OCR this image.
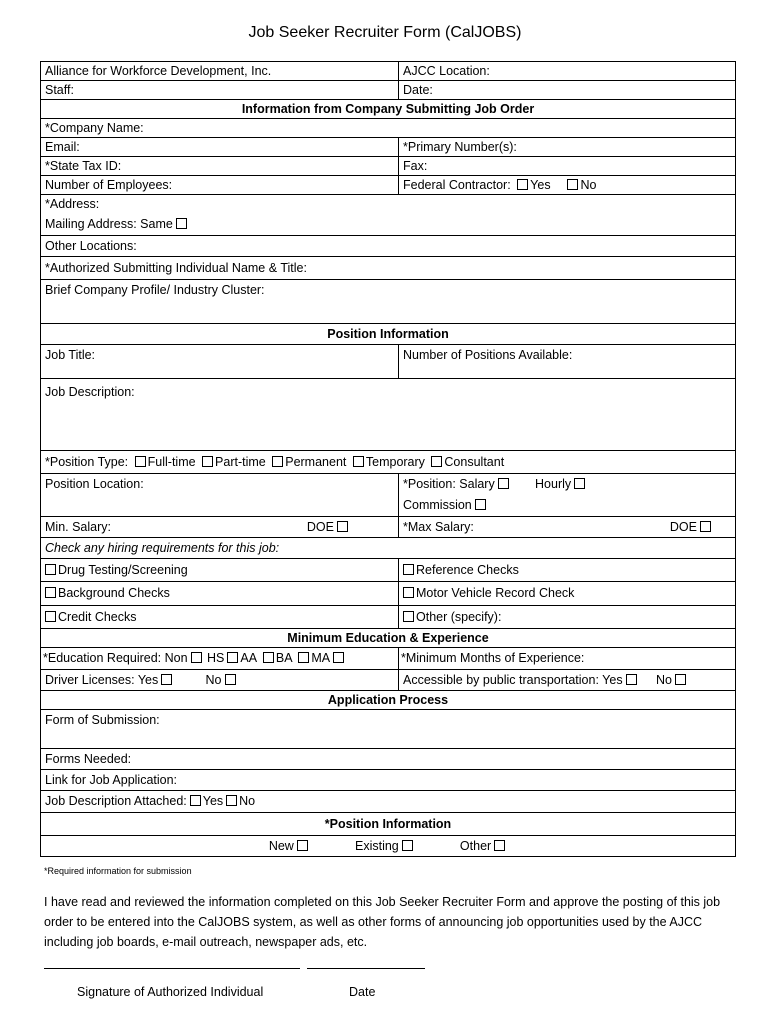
Job Seeker Recruiter Form (CalJOBS)
Alliance for Workforce Development, Inc.	AJCC Location:
Staff:	Date:
Information from Company Submitting Job Order	
*Company Name:	
Email:	*Primary Number(s):
*State Tax ID:	Fax:
Number of Employees:	Federal Contractor: Yes No
*Address:	
Mailing Address: Same	
Other Locations:	
*Authorized Submitting Individual Name & Title:	
Brief Company Profile/ Industry Cluster:	
Position Information	
Job Title:	Number of Positions Available:
Job Description:	
*Position Type: Full-time Part-time Permanent Temporary Consultant	
Position Location:	*Position: Salary Hourly
Commission

Min. Salary: DOE	*Max Salary: DOE

Check any hiring requirements for this job:	
Drug Testing/Screening	Reference Checks
Background Checks	Motor Vehicle Record Check
Credit Checks	Other (specify):
Minimum Education & Experience	
*Education Required: Non HS AA BA MA	*Minimum Months of Experience:
Driver Licenses: Yes No	Accessible by public transportation: Yes No
Application Process	
Form of Submission:	
Forms Needed:	
Link for Job Application:	
Job Description Attached: Yes No	
*Position Information	
New Existing Other	
*Required information for submission
I have read and reviewed the information completed on this Job Seeker Recruiter Form and approve the posting of this job order to be entered into the CalJOBS system, as well as other forms of announcing job opportunities used by the AJCC including job boards, e-mail outreach, newspaper ads, etc.
Signature of Authorized Individual	Date
